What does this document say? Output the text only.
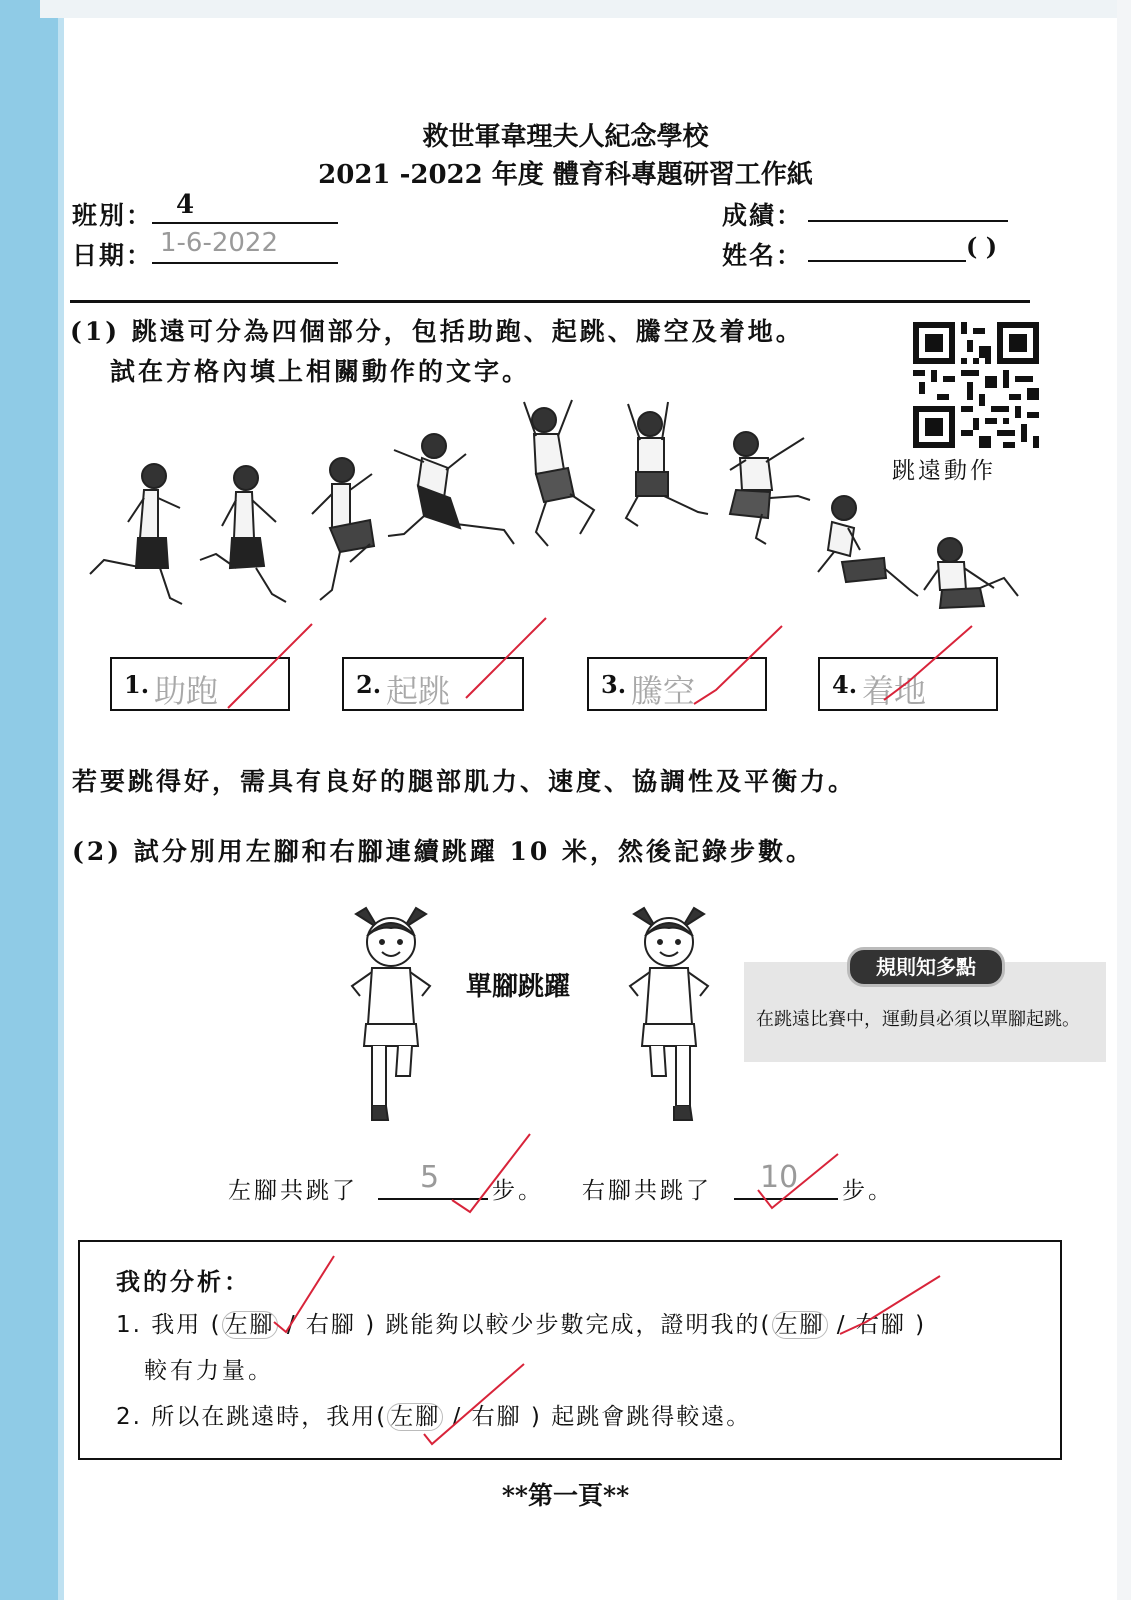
救世軍韋理夫人紀念學校
2021 -2022 年度 體育科專題研習工作紙
班別： 4
日期： 1-6-2022
成績：
姓名：	( )
(1) 跳遠可分為四個部分，包括助跑、起跳、騰空及着地。
試在方格內填上相關動作的文字。
跳遠動作
1. 助跑	2. 起跳	3. 騰空	4. 着地
若要跳得好，需具有良好的腿部肌力、速度、協調性及平衡力。
(2) 試分別用左腳和右腳連續跳躍 10 米，然後記錄步數。
單腳跳躍
規則知多點
在跳遠比賽中，運動員必須以單腳起跳。
左腳共跳了 5 步。 右腳共跳了 10 步。
我的分析：
1. 我用 ( 左腳 / 右腳 ) 跳能夠以較少步數完成，證明我的( 左腳 / 右腳 )
較有力量。
2. 所以在跳遠時，我用( 左腳 / 右腳 ) 起跳會跳得較遠。
**第一頁**
